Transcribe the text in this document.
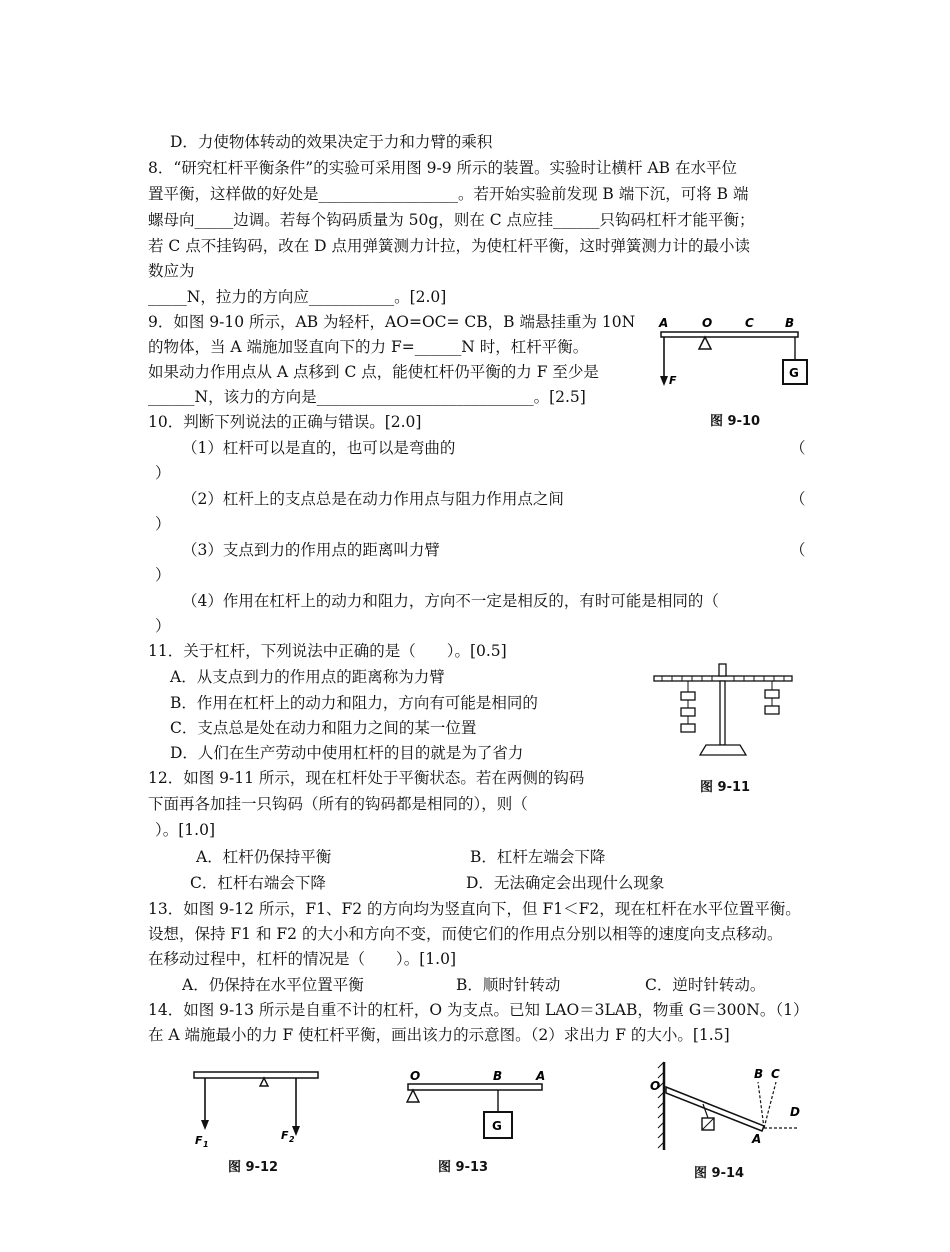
D．力使物体转动的效果决定于力和力臂的乘积
8．“研究杠杆平衡条件”的实验可采用图 9-9 所示的装置。实验时让横杆 AB 在水平位
置平衡，这样做的好处是__________________。若开始实验前发现 B 端下沉，可将 B 端
螺母向_____边调。若每个钩码质量为 50g，则在 C 点应挂______只钩码杠杆才能平衡；
若 C 点不挂钩码，改在 D 点用弹簧测力计拉，为使杠杆平衡，这时弹簧测力计的最小读
数应为
_____N，拉力的方向应___________。[2.0]
9．如图 9-10 所示，AB 为轻杆，AO=OC= CB，B 端悬挂重为 10N
的物体，当 A 端施加竖直向下的力 F=______N 时，杠杆平衡。
如果动力作用点从 A 点移到 C 点，能使杠杆仍平衡的力 F 至少是
______N，该力的方向是____________________________。[2.5]
10．判断下列说法的正确与错误。[2.0]
（1）杠杆可以是直的，也可以是弯曲的	（
）
（2）杠杆上的支点总是在动力作用点与阻力作用点之间	（
）
（3）支点到力的作用点的距离叫力臂	（
）
（4）作用在杠杆上的动力和阻力，方向不一定是相反的，有时可能是相同的（
）
11．关于杠杆，下列说法中正确的是（　　）。[0.5]
A．从支点到力的作用点的距离称为力臂
B．作用在杠杆上的动力和阻力，方向有可能是相同的
C．支点总是处在动力和阻力之间的某一位置
D．人们在生产劳动中使用杠杆的目的就是为了省力
12．如图 9-11 所示，现在杠杆处于平衡状态。若在两侧的钩码
下面再各加挂一只钩码（所有的钩码都是相同的），则（
）。[1.0]
A．杠杆仍保持平衡	B．杠杆左端会下降
C．杠杆右端会下降	D．无法确定会出现什么现象
13．如图 9-12 所示，F1、F2 的方向均为竖直向下，但 F1＜F2，现在杠杆在水平位置平衡。
设想，保持 F1 和 F2 的大小和方向不变，而使它们的作用点分别以相等的速度向支点移动。
在移动过程中，杠杆的情况是（　　）。[1.0]
A．仍保持在水平位置平衡	B．顺时针转动	C．逆时针转动。
14．如图 9-13 所示是自重不计的杠杆，O 为支点。已知 LAO＝3LAB，物重 G＝300N。（1）
在 A 端施最小的力 F 使杠杆平衡，画出该力的示意图。（2）求出力 F 的大小。[1.5]
A	O	C	B
F
G
图 9-10
图 9-11
F 1
F 2
图 9-12
O	B	A
G
图 9-13
O
B C
D
A
图 9-14
